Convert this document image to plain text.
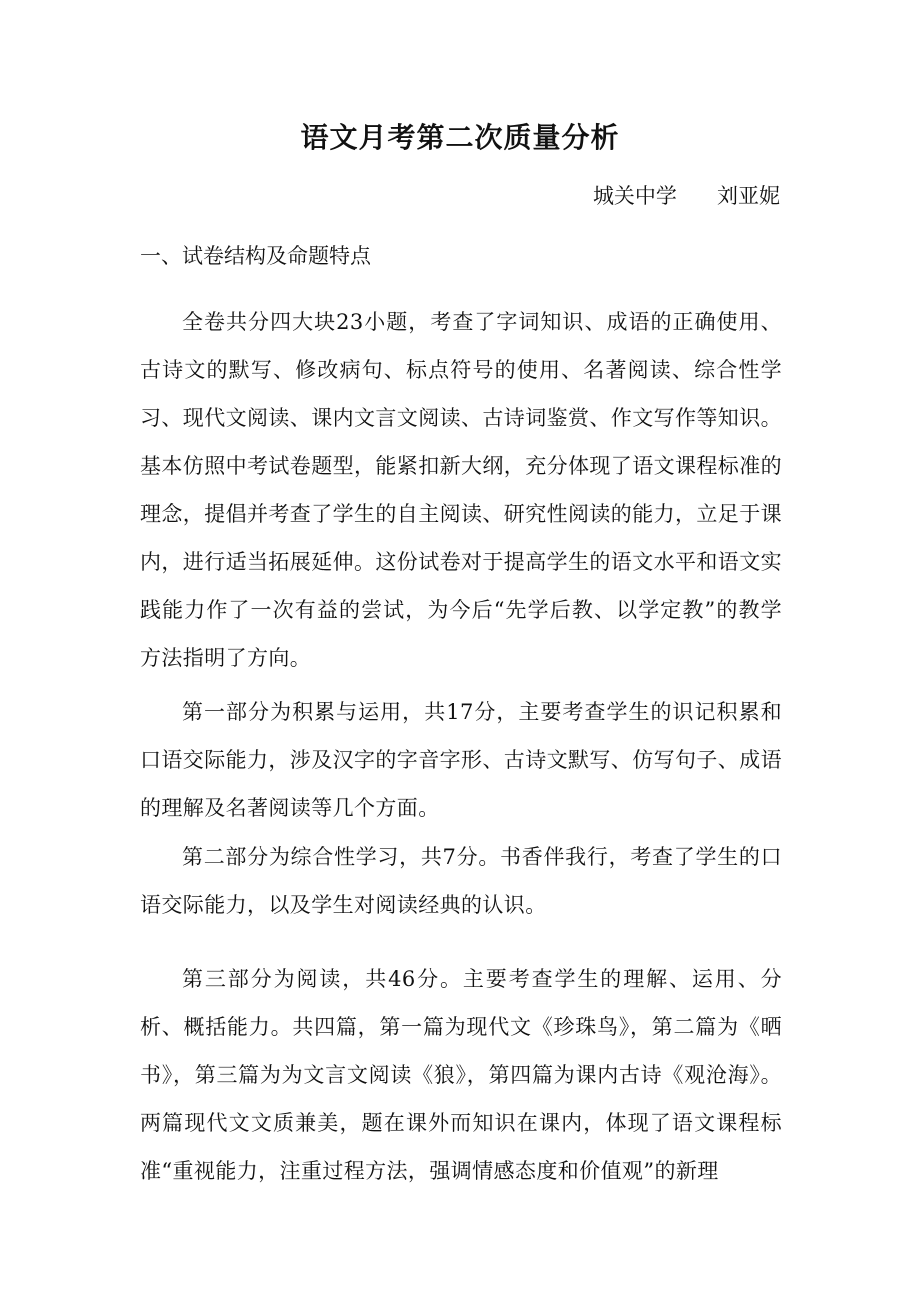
语文月考第二次质量分析
城关中学      刘亚妮
一、试卷结构及命题特点

全卷共分四大块23小题，考查了字词知识、成语的正确使用、古诗文的默写、修改病句、标点符号的使用、名著阅读、综合性学习、现代文阅读、课内文言文阅读、古诗词鉴赏、作文写作等知识。基本仿照中考试卷题型，能紧扣新大纲，充分体现了语文课程标准的理念，提倡并考查了学生的自主阅读、研究性阅读的能力，立足于课内，进行适当拓展延伸。这份试卷对于提高学生的语文水平和语文实践能力作了一次有益的尝试，为今后“先学后教、以学定教”的教学方法指明了方向。

第一部分为积累与运用，共17分，主要考查学生的识记积累和口语交际能力，涉及汉字的字音字形、古诗文默写、仿写句子、成语的理解及名著阅读等几个方面。

第二部分为综合性学习，共7分。书香伴我行，考查了学生的口语交际能力，以及学生对阅读经典的认识。

第三部分为阅读，共46分。主要考查学生的理解、运用、分析、概括能力。共四篇，第一篇为现代文《珍珠鸟》，第二篇为《晒书》，第三篇为为文言文阅读《狼》，第四篇为课内古诗《观沧海》。两篇现代文文质兼美，题在课外而知识在课内，体现了语文课程标准“重视能力，注重过程方法，强调情感态度和价值观”的新理
